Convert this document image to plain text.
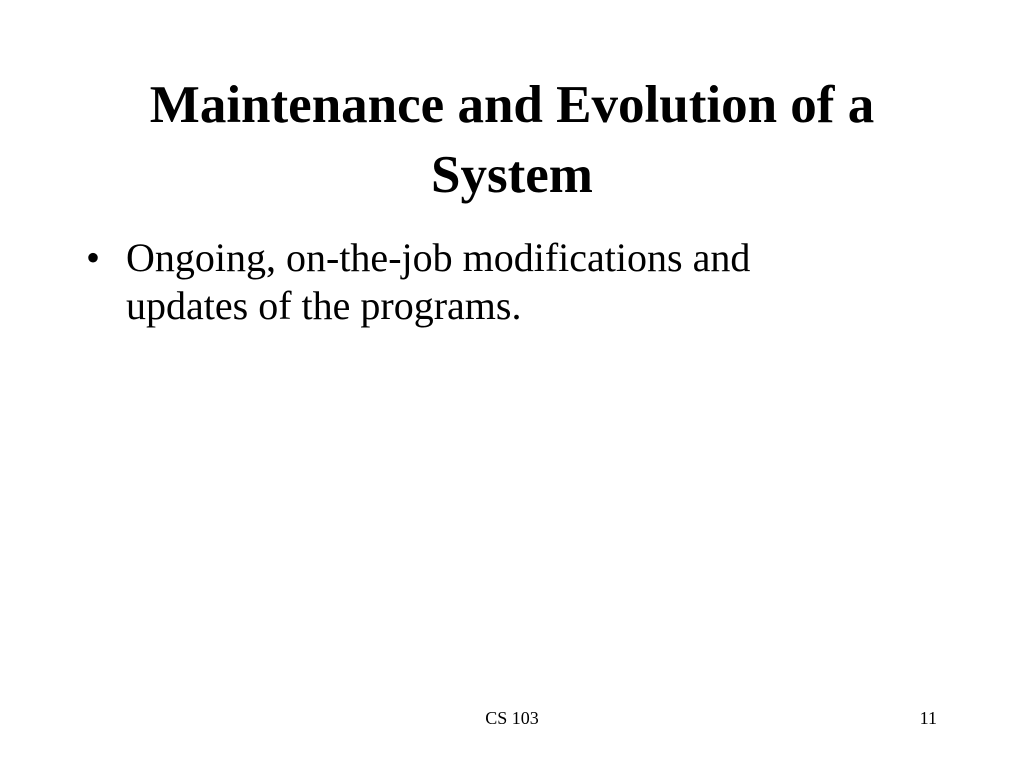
Maintenance and Evolution of a System
• Ongoing, on-the-job modifications and
updates of the programs.
CS 103	11
